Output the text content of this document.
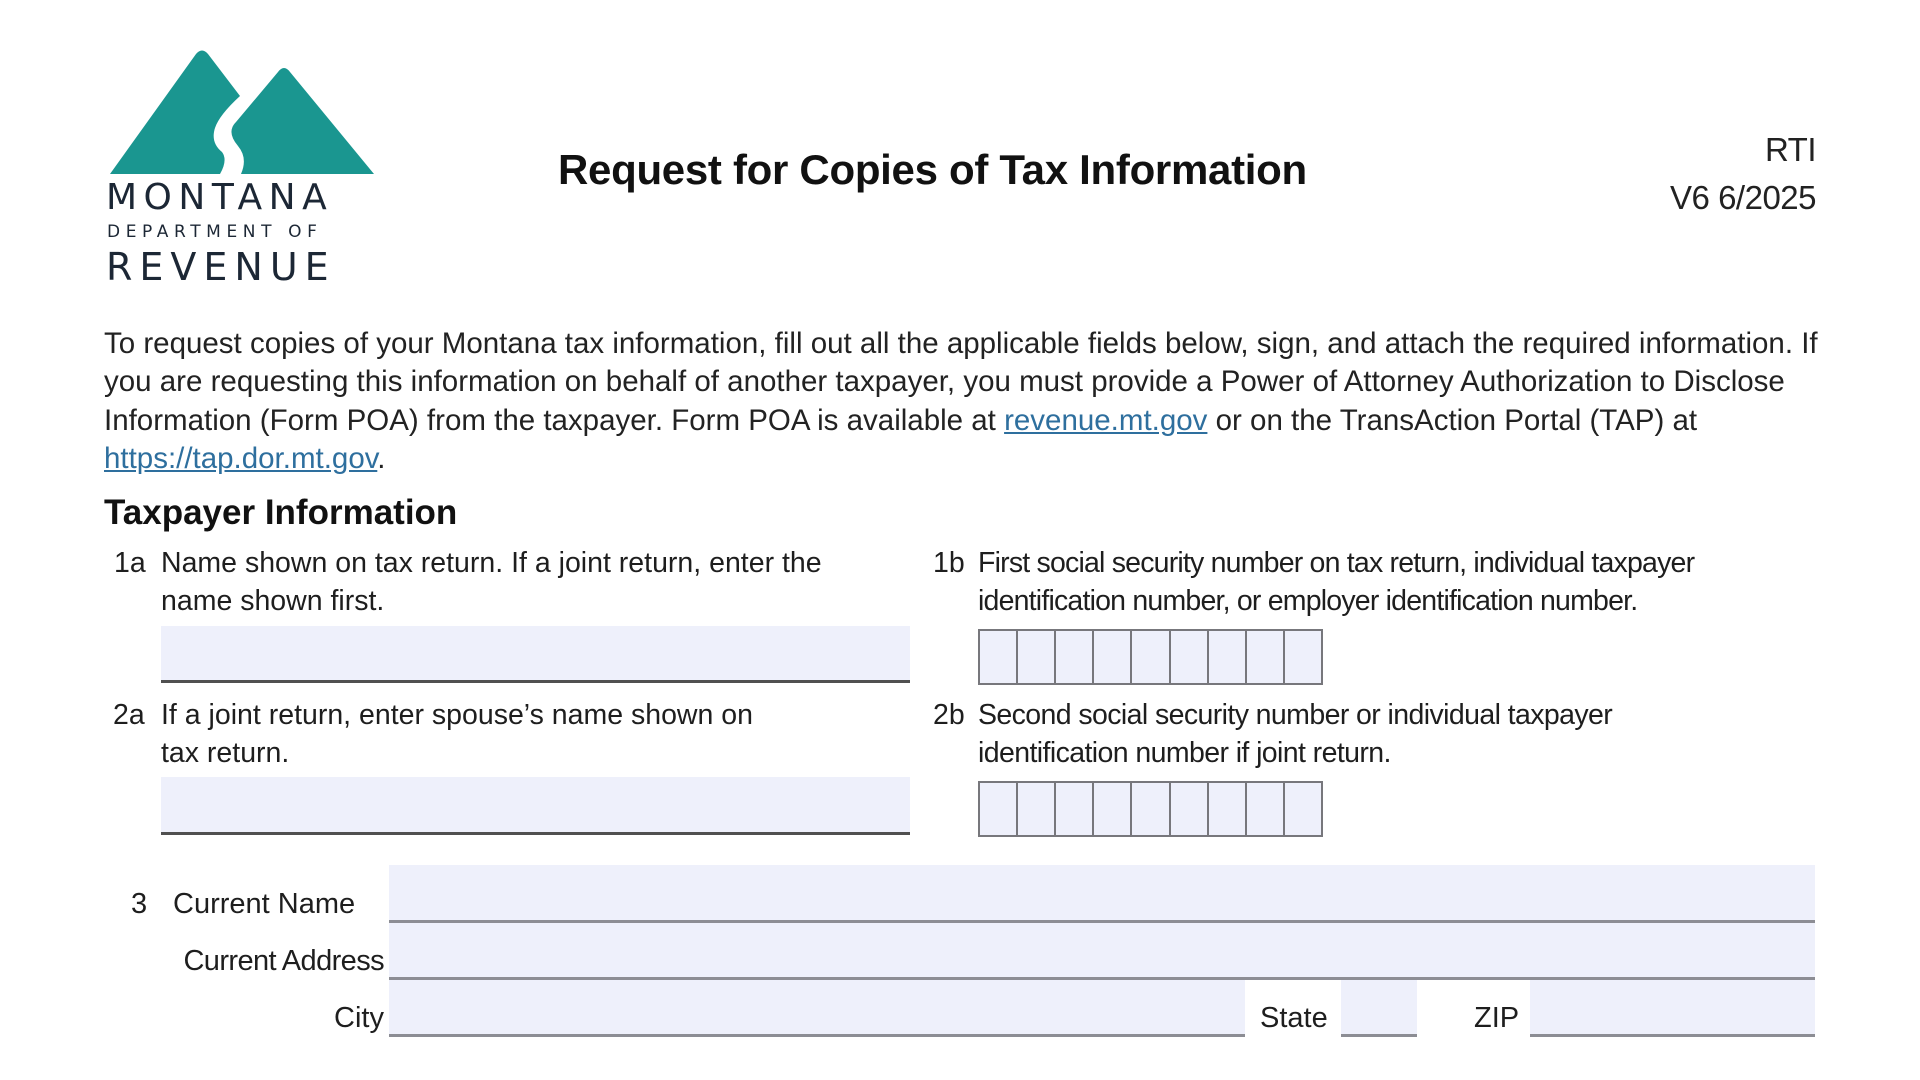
MONTANA
DEPARTMENT OF
REVENUE
Request for Copies of Tax Information	RTI
V6 6/2025
To request copies of your Montana tax information, fill out all the applicable fields below, sign, and attach the required information. If you are requesting this information on behalf of another taxpayer, you must provide a Power of Attorney Authorization to Disclose Information (Form POA) from the taxpayer. Form POA is available at revenue.mt.gov or on the TransAction Portal (TAP) at https://tap.dor.mt.gov.
Taxpayer Information
1a Name shown on tax return. If a joint return, enter the
name shown first.
1b First social security number on tax return, individual taxpayer
identification number, or employer identification number.
2a If a joint return, enter spouse’s name shown on
tax return.
2b Second social security number or individual taxpayer
identification number if joint return.
3 Current Name
Current Address
City	State	ZIP
